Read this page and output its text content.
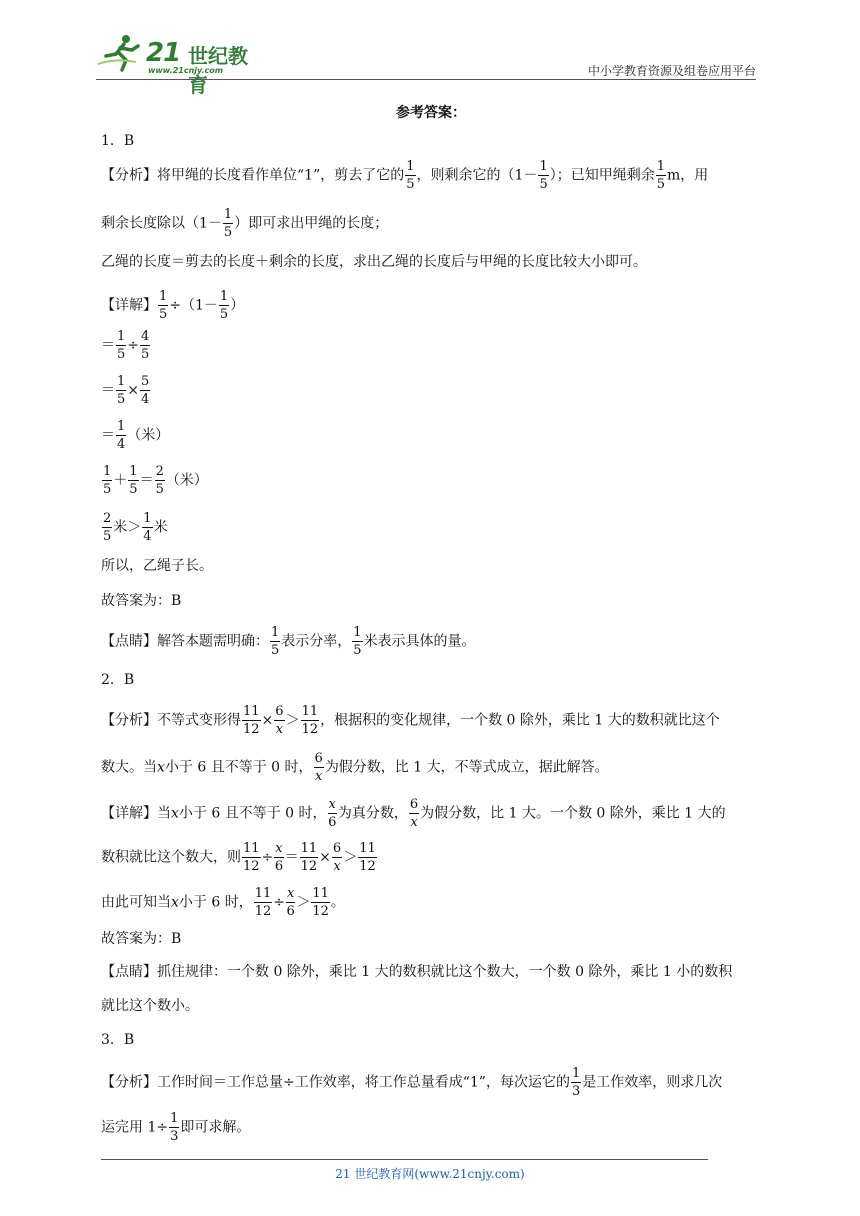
21 世纪教育
www.21cnjy.com	中小学教育资源及组卷应用平台
参考答案：
1．B
【分析】将甲绳的长度看作单位“1”，剪去了它的 $\frac{1}{5}$ ，则剩余它的（$1- \frac{1}{5}$ ）；已知甲绳剩余 $\frac{1}{5}$ m，用
剩余长度除以（$1- \frac{1}{5}$ ）即可求出甲绳的长度；
乙绳的长度＝剪去的长度＋剩余的长度，求出乙绳的长度后与甲绳的长度比较大小即可。
【详解】 $\frac{1}{5} \div(1- \frac{1}{5}$ ）
＝ $\frac{1}{5} \div \frac{4}{5}$
＝ $\frac{1}{5} \times \frac{5}{4}$
＝ $\frac{1}{4}$ （米）
$\frac{1}{5} + \frac{1}{5} = \frac{2}{5}$ （米）
$\frac{2}{5}$ 米＞ $\frac{1}{4}$ 米
所以，乙绳子长。
故答案为：B
【点睛】解答本题需明确： $\frac{1}{5}$ 表示分率， $\frac{1}{5}$ 米表示具体的量。
2．B
【分析】不等式变形得 $\frac{11}{12} \times \frac{6}{x} > \frac{11}{12}$ ，根据积的变化规律，一个数 0 除外，乘比 1 大的数积就比这个
数大。当x小于 6 且不等于 0 时， $\frac{6}{x}$ 为假分数，比 1 大，不等式成立，据此解答。
【详解】当x小于 6 且不等于 0 时， $\frac{x}{6}$ 为真分数， $\frac{6}{x}$ 为假分数，比 1 大。一个数 0 除外，乘比 1 大的
数积就比这个数大，则 $\frac{11}{12} \div \frac{x}{6} = \frac{11}{12} \times \frac{6}{x} > \frac{11}{12}$
由此可知当x小于 6 时， $\frac{11}{12} \div \frac{x}{6} > \frac{11}{12}$ 。
故答案为：B
【点睛】抓住规律：一个数 0 除外，乘比 1 大的数积就比这个数大，一个数 0 除外，乘比 1 小的数积
就比这个数小。
3．B
【分析】工作时间＝工作总量÷工作效率，将工作总量看成“1”，每次运它的 $\frac{1}{3}$ 是工作效率，则求几次
运完用 $1\div \frac{1}{3}$ 即可求解。
21 世纪教育网(www.21cnjy.com)
